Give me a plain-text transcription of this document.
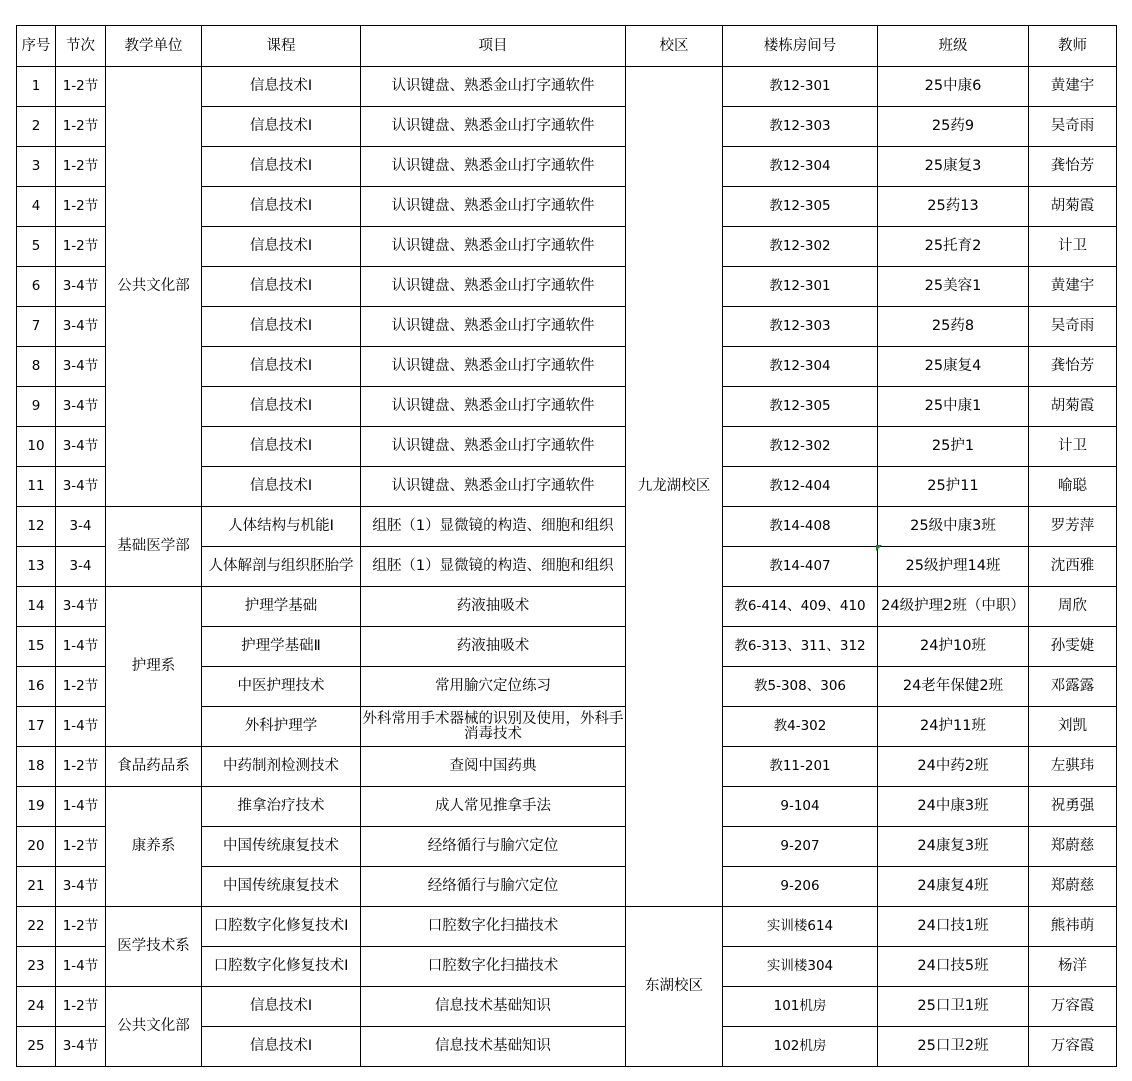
序号	节次	教学单位	课程	项目	校区	楼栋房间号	班级	教师
1	1-2节	公共文化部	信息技术Ⅰ	认识键盘、熟悉金山打字通软件	九龙湖校区	教12-301	25中康6	黄建宇
2	1-2节		信息技术Ⅰ	认识键盘、熟悉金山打字通软件		教12-303	25药9	吴奇雨
3	1-2节		信息技术Ⅰ	认识键盘、熟悉金山打字通软件		教12-304	25康复3	龚怡芳
4	1-2节		信息技术Ⅰ	认识键盘、熟悉金山打字通软件		教12-305	25药13	胡菊霞
5	1-2节		信息技术Ⅰ	认识键盘、熟悉金山打字通软件		教12-302	25托育2	计卫
6	3-4节		信息技术Ⅰ	认识键盘、熟悉金山打字通软件		教12-301	25美容1	黄建宇
7	3-4节		信息技术Ⅰ	认识键盘、熟悉金山打字通软件		教12-303	25药8	吴奇雨
8	3-4节		信息技术Ⅰ	认识键盘、熟悉金山打字通软件		教12-304	25康复4	龚怡芳
9	3-4节		信息技术Ⅰ	认识键盘、熟悉金山打字通软件		教12-305	25中康1	胡菊霞
10	3-4节		信息技术Ⅰ	认识键盘、熟悉金山打字通软件		教12-302	25护1	计卫
11	3-4节		信息技术Ⅰ	认识键盘、熟悉金山打字通软件		教12-404	25护11	喻聪
12	3-4	基础医学部	人体结构与机能Ⅰ	组胚（1）显微镜的构造、细胞和组织		教14-408	25级中康3班	罗芳萍
13	3-4		人体解剖与组织胚胎学	组胚（1）显微镜的构造、细胞和组织		教14-407	25级护理14班	沈西雅
14	3-4节	护理系	护理学基础	药液抽吸术		教6-414、409、410	24级护理2班（中职）	周欣
15	1-4节		护理学基础Ⅱ	药液抽吸术		教6-313、311、312	24护10班	孙雯婕
16	1-2节		中医护理技术	常用腧穴定位练习		教5-308、306	24老年保健2班	邓露露
17	1-4节		外科护理学	外科常用手术器械的识别及使用，外科手消毒技术		教4-302	24护11班	刘凯
18	1-2节	食品药品系	中药制剂检测技术	查阅中国药典		教11-201	24中药2班	左骐玮
19	1-4节	康养系	推拿治疗技术	成人常见推拿手法		9-104	24中康3班	祝勇强
20	1-2节		中国传统康复技术	经络循行与腧穴定位		9-207	24康复3班	郑蔚慈
21	3-4节		中国传统康复技术	经络循行与腧穴定位		9-206	24康复4班	郑蔚慈
22	1-2节	医学技术系	口腔数字化修复技术I	口腔数字化扫描技术	东湖校区	实训楼614	24口技1班	熊祎萌
23	1-4节		口腔数字化修复技术I	口腔数字化扫描技术		实训楼304	24口技5班	杨洋
24	1-2节	公共文化部	信息技术Ⅰ	信息技术基础知识		101机房	25口卫1班	万容霞
25	3-4节		信息技术Ⅰ	信息技术基础知识		102机房	25口卫2班	万容霞
